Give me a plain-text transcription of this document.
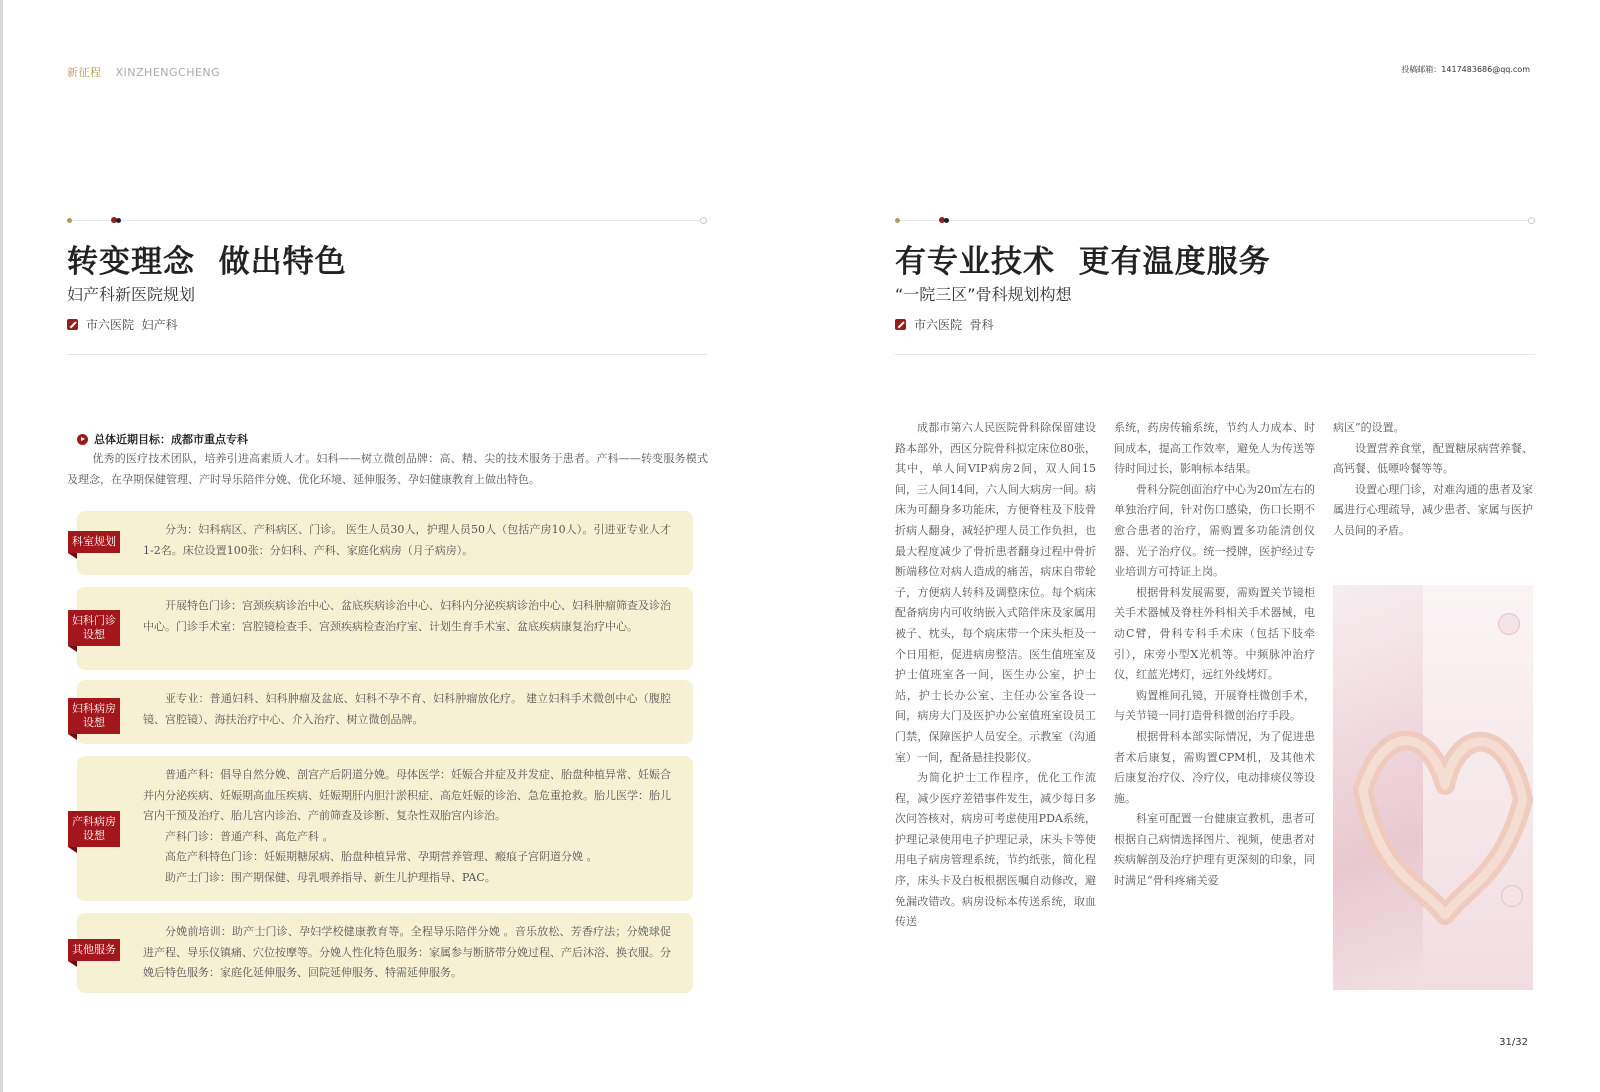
新征程 XINZHENGCHENG	投稿邮箱：1417483686@qq.com
转变理念  做出特色
妇产科新医院规划
市六医院  妇产科
总体近期目标：成都市重点专科
优秀的医疗技术团队，培养引进高素质人才。妇科——树立微创品牌：高、精、尖的技术服务于患者。产科——转变服务模式及理念，在孕期保健管理、产时导乐陪伴分娩、优化环境、延伸服务、孕妇健康教育上做出特色。
科室规划

分为：妇科病区、产科病区、门诊。 医生人员30人，护理人员50人（包括产房10人）。引进亚专业人才1-2名。床位设置100张：分妇科、产科、家庭化病房（月子病房）。

妇科门诊设想

开展特色门诊：宫颈疾病诊治中心、盆底疾病诊治中心、妇科内分泌疾病诊治中心、妇科肿瘤筛查及诊治中心。门诊手术室：宫腔镜检查手、宫颈疾病检查治疗室、计划生育手术室、盆底疾病康复治疗中心。

妇科病房设想

亚专业：普通妇科、妇科肿瘤及盆底、妇科不孕不育、妇科肿瘤放化疗。 建立妇科手术微创中心（腹腔镜、宫腔镜）、海扶治疗中心、介入治疗、树立微创品牌。

产科病房设想

普通产科：倡导自然分娩、剖宫产后阴道分娩。母体医学：妊娠合并症及并发症、胎盘种植异常、妊娠合并内分泌疾病、妊娠期高血压疾病、妊娠期肝内胆汁淤积症、高危妊娠的诊治、急危重抢救。胎儿医学：胎儿宫内干预及治疗、胎儿宫内诊治、产前筛查及诊断、复杂性双胎宫内诊治。

产科门诊：普通产科、高危产科 。

高危产科特色门诊：妊娠期糖尿病、胎盘种植异常、孕期营养管理、瘢痕子宫阴道分娩 。

助产士门诊：围产期保健、母乳喂养指导、新生儿护理指导、PAC。

其他服务

分娩前培训：助产士门诊、孕妇学校健康教育等。全程导乐陪伴分娩 。音乐放松、芳香疗法；分娩球促进产程、导乐仪镇痛、穴位按摩等。分娩人性化特色服务：家属参与断脐带分娩过程、产后沐浴、换衣服。分娩后特色服务：家庭化延伸服务、回院延伸服务、特需延伸服务。

有专业技术  更有温度服务
“一院三区”骨科规划构想
市六医院  骨科

成都市第六人民医院骨科除保留建设路本部外，西区分院骨科拟定床位80张，其中，单人间VIP病房2间，双人间15间，三人间14间，六人间大病房一间。病床为可翻身多功能床，方便脊柱及下肢骨折病人翻身，减轻护理人员工作负担，也最大程度减少了骨折患者翻身过程中骨折断端移位对病人造成的痛苦，病床自带轮子，方便病人转科及调整床位。每个病床配备病房内可收纳嵌入式陪伴床及家属用被子、枕头，每个病床带一个床头柜及一个日用柜，促进病房整洁。医生值班室及护士值班室各一间，医生办公室，护士站，护士长办公室、主任办公室各设一间，病房大门及医护办公室值班室设员工门禁，保障医护人员安全。示教室（沟通室）一间，配备悬挂投影仪。

为简化护士工作程序，优化工作流程，减少医疗差错事件发生，减少每日多次问答核对，病房可考虑使用PDA系统，护理记录使用电子护理记录，床头卡等使用电子病房管理系统，节约纸张，简化程序，床头卡及白板根据医嘱自动修改，避免漏改错改。病房设标本传送系统，取血传送

系统，药房传输系统，节约人力成本、时间成本，提高工作效率，避免人为传送等待时间过长，影响标本结果。

骨科分院创面治疗中心为20㎡左右的单独治疗间，针对伤口感染，伤口长期不愈合患者的治疗，需购置多功能清创仪器、光子治疗仪。统一授牌，医护经过专业培训方可持证上岗。

根据骨科发展需要，需购置关节镜柜关手术器械及脊柱外科相关手术器械，电动C臂，骨科专科手术床（包括下肢牵引），床旁小型X光机等。中频脉冲治疗仪，红蓝光烤灯，远红外线烤灯。

购置椎间孔镜，开展脊柱微创手术，与关节镜一同打造骨科微创治疗手段。

根据骨科本部实际情况，为了促进患者术后康复，需购置CPM机，及其他术后康复治疗仪、冷疗仪，电动排痰仪等设施。

科室可配置一台健康宣教机，患者可根据自己病情选择图片、视频，使患者对疾病解剖及治疗护理有更深刻的印象，同时满足“骨科疼痛关爱

病区”的设置。

设置营养食堂，配置糖尿病营养餐、高钙餐、低嘌呤餐等等。

设置心理门诊，对难沟通的患者及家属进行心理疏导，减少患者、家属与医护人员间的矛盾。

31/32
